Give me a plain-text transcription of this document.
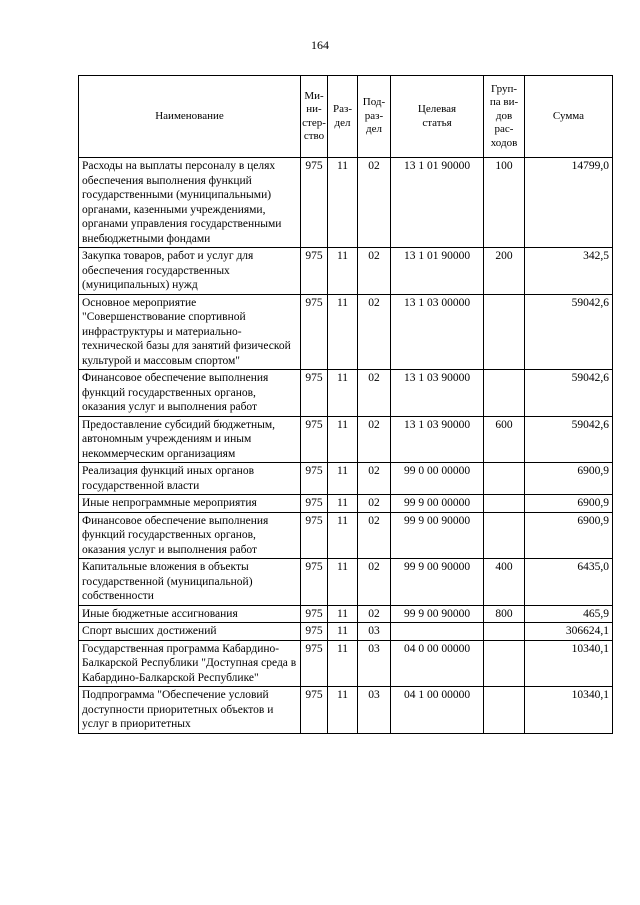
164
Наименование	Ми-
ни-
стер-
ство	Раз-
дел	Под-
раз-
дел	Целевая
статья	Груп-
па ви-
дов
рас-
ходов	Сумма
Расходы на выплаты персоналу в целях обеспечения выполнения функций государственными (муниципальными) органами, казенными учреждениями, органами управления государственными внебюджетными фондами	975	11	02	13 1 01 90000	100	14799,0
Закупка товаров, работ и услуг для обеспечения государственных (муниципальных) нужд	975	11	02	13 1 01 90000	200	342,5
Основное мероприятие "Совершенствование спортивной инфраструктуры и материально-технической базы для занятий физической культурой и массовым спортом"	975	11	02	13 1 03 00000		59042,6
Финансовое обеспечение выполнения функций государственных органов, оказания услуг и выполнения работ	975	11	02	13 1 03 90000		59042,6
Предоставление субсидий бюджетным, автономным учреждениям и иным некоммерческим организациям	975	11	02	13 1 03 90000	600	59042,6
Реализация функций иных органов государственной власти	975	11	02	99 0 00 00000		6900,9
Иные непрограммные мероприятия	975	11	02	99 9 00 00000		6900,9
Финансовое обеспечение выполнения функций государственных органов, оказания услуг и выполнения работ	975	11	02	99 9 00 90000		6900,9
Капитальные вложения в объекты государственной (муниципальной) собственности	975	11	02	99 9 00 90000	400	6435,0
Иные бюджетные ассигнования	975	11	02	99 9 00 90000	800	465,9
Спорт высших достижений	975	11	03			306624,1
Государственная программа Кабардино-Балкарской Республики "Доступная среда в Кабардино-Балкарской Республике"	975	11	03	04 0 00 00000		10340,1
Подпрограмма "Обеспечение условий доступности приоритетных объектов и услуг в приоритетных	975	11	03	04 1 00 00000		10340,1
